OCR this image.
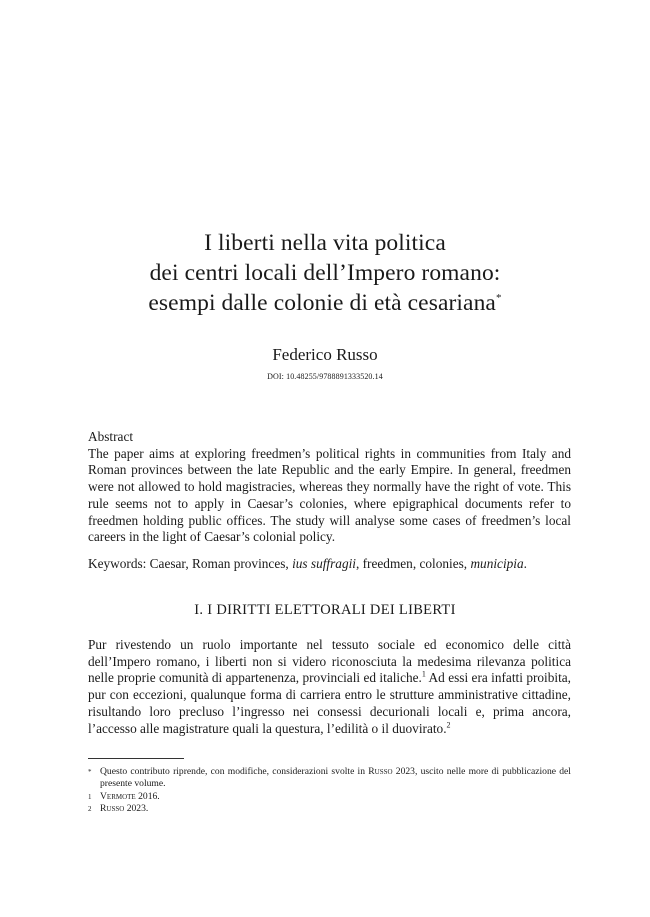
I liberti nella vita politica
dei centri locali dell’Impero romano:
esempi dalle colonie di età cesariana*
Federico Russo
DOI: 10.48255/9788891333520.14
Abstract
The paper aims at exploring freedmen’s political rights in communities from Italy and Roman provinces between the late Republic and the early Empire. In general, freedmen were not allowed to hold magistracies, whereas they normally have the right of vote. This rule seems not to apply in Caesar’s colonies, where epigraphical documents refer to freedmen holding public offices. The study will analyse some cases of freedmen’s local careers in the light of Caesar’s colonial policy.
Keywords: Caesar, Roman provinces, ius suffragii, freedmen, colonies, municipia.
I. I DIRITTI ELETTORALI DEI LIBERTI
Pur rivestendo un ruolo importante nel tessuto sociale ed economico delle città dell’Impero romano, i liberti non si videro riconosciuta la medesima rilevanza politica nelle proprie comunità di appartenenza, provinciali ed italiche.$^1$ Ad essi era infatti proibita, pur con eccezioni, qualunque forma di carriera entro le strutture amministrative cittadine, risultando loro precluso l’ingresso nei consessi decurionali locali e, prima ancora, l’accesso alle magistrature quali la questura, l’edilità o il duovirato.$^2$
* Questo contributo riprende, con modifiche, considerazioni svolte in Russo 2023, uscito nelle more di pubblicazione del presente volume.
1 Vermote 2016.
2 Russo 2023.
